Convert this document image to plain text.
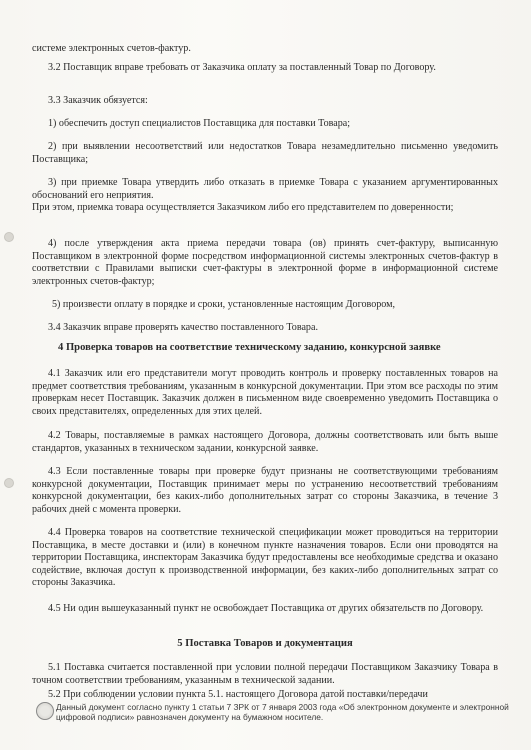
системе электронных счетов-фактур.

3.2 Поставщик вправе требовать от Заказчика оплату за поставленный Товар по Договору.

3.3 Заказчик обязуется:

1) обеспечить доступ специалистов Поставщика для поставки Товара;

2) при выявлении несоответствий или недостатков Товара незамедлительно письменно уведомить Поставщика;

3) при приемке Товара утвердить либо отказать в приемке Товара с указанием аргументированных обоснований его неприятия.

При этом, приемка товара осуществляется Заказчиком либо его представителем по доверенности;

4) после утверждения акта приема передачи товара (ов) принять счет-фактуру, выписанную Поставщиком в электронной форме посредством информационной системы электронных счетов-фактур в соответствии с Правилами выписки счет-фактуры в электронной форме в информационной системе электронных счетов-фактур;

5) произвести оплату в порядке и сроки, установленные настоящим Договором,

3.4 Заказчик вправе проверять качество поставленного Товара.

4 Проверка товаров на соответствие техническому заданию, конкурсной заявке

4.1 Заказчик или его представители могут проводить контроль и проверку поставленных товаров на предмет соответствия требованиям, указанным в конкурсной документации. При этом все расходы по этим проверкам несет Поставщик. Заказчик должен в письменном виде своевременно уведомить Поставщика о своих представителях, определенных для этих целей.

4.2 Товары, поставляемые в рамках настоящего Договора, должны соответствовать или быть выше стандартов, указанных в техническом задании, конкурсной заявке.

4.3 Если поставленные товары при проверке будут признаны не соответствующими требованиям конкурсной документации, Поставщик принимает меры по устранению несоответствий требованиям конкурсной документации, без каких-либо дополнительных затрат со стороны Заказчика, в течение 3 рабочих дней с момента проверки.

4.4 Проверка товаров на соответствие технической спецификации может проводиться на территории Поставщика, в месте доставки и (или) в конечном пункте назначения товаров. Если они проводятся на территории Поставщика, инспекторам Заказчика будут предоставлены все необходимые средства и оказано содействие, включая доступ к производственной информации, без каких-либо дополнительных затрат со стороны Заказчика.

4.5 Ни один вышеуказанный пункт не освобождает Поставщика от других обязательств по Договору.

5 Поставка Товаров и документация

5.1 Поставка считается поставленной при условии полной передачи Поставщиком Заказчику Товара в точном соответствии требованиям, указанным в технической задании.

5.2 При соблюдении условии пункта 5.1. настоящего Договора датой поставки/передачи

Данный документ согласно пункту 1 статьи 7 ЗРК от 7 января 2003 года «Об электронном документе и электронной цифровой подписи» равнозначен документу на бумажном носителе.
